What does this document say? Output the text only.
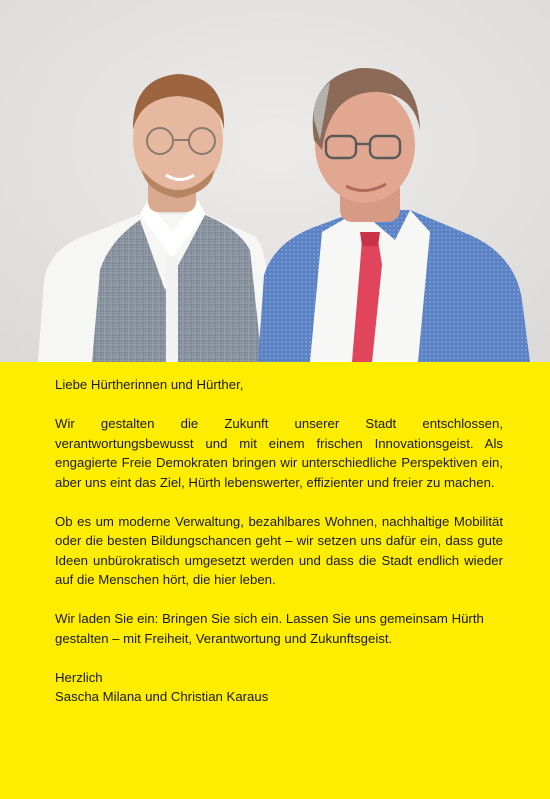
Liebe Hürtherinnen und Hürther,

Wir gestalten die Zukunft unserer Stadt entschlossen, verantwortungsbewusst und mit einem frischen Innovationsgeist. Als engagierte Freie Demokraten bringen wir unterschiedliche Perspektiven ein, aber uns eint das Ziel, Hürth lebenswerter, effizienter und freier zu machen.

Ob es um moderne Verwaltung, bezahlbares Wohnen, nachhaltige Mobilität oder die besten Bildungschancen geht – wir setzen uns dafür ein, dass gute Ideen unbürokratisch umgesetzt werden und dass die Stadt endlich wieder auf die Menschen hört, die hier leben.

Wir laden Sie ein: Bringen Sie sich ein. Lassen Sie uns gemeinsam Hürth gestalten – mit Freiheit, Verantwortung und Zukunftsgeist.

Herzlich

Sascha Milana und Christian Karaus
